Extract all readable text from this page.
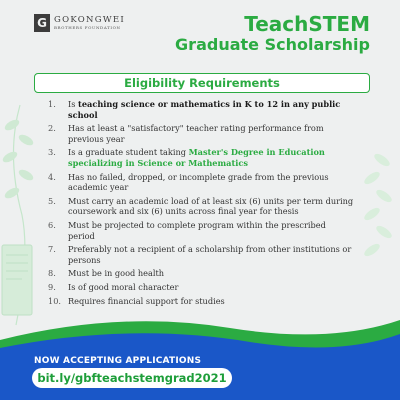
G GOKONGWEI
BROTHERS FOUNDATION	TeachSTEM
Graduate Scholarship
Eligibility Requirements
1.	Is teaching science or mathematics in K to 12 in any public school
2.	Has at least a "satisfactory" teacher rating performance from previous year
3.	Is a graduate student taking Master's Degree in Education specializing in Science or Mathematics
4.	Has no failed, dropped, or incomplete grade from the previous academic year
5.	Must carry an academic load of at least six (6) units per term during coursework and six (6) units across final year for thesis
6.	Must be projected to complete program within the prescribed period
7.	Preferably not a recipient of a scholarship from other institutions or persons
8.	Must be in good health
9.	Is of good moral character
10. Requires financial support for studies
NOW ACCEPTING APPLICATIONS
bit.ly/gbfteachstemgrad2021
